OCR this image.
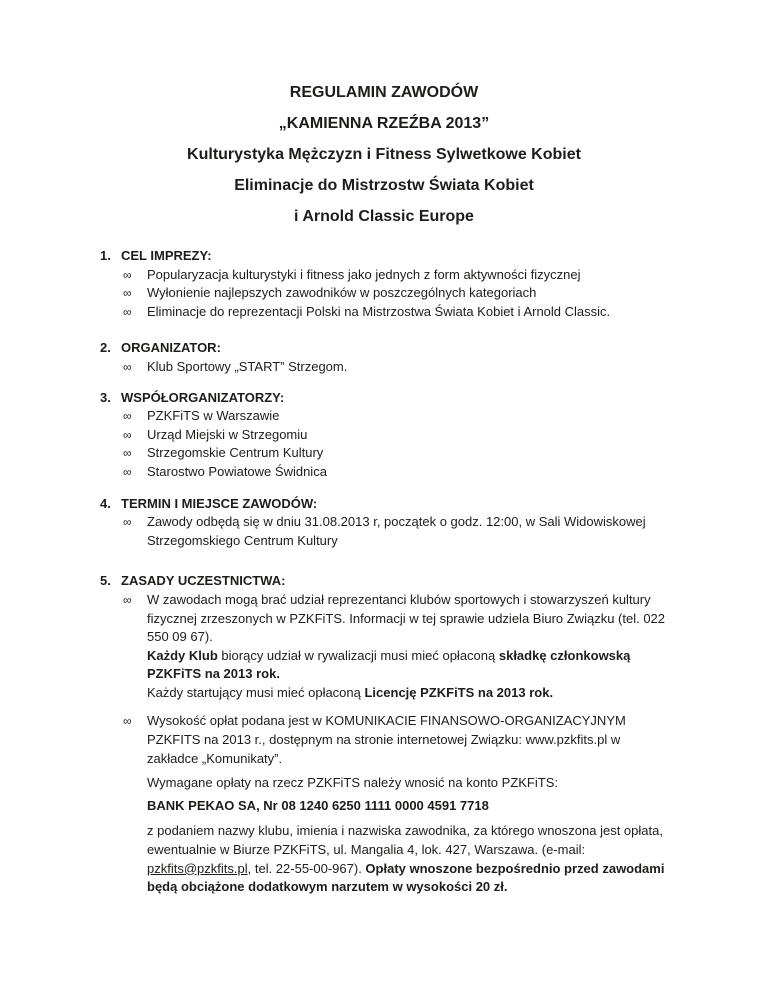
REGULAMIN ZAWODÓW
„KAMIENNA RZEŹBA 2013”
Kulturystyka Mężczyzn i Fitness Sylwetkowe Kobiet
Eliminacje do Mistrzostw Świata Kobiet
i Arnold Classic Europe
1. CEL IMPREZY:
∞	Popularyzacja kulturystyki i fitness jako jednych z form aktywności fizycznej
∞	Wyłonienie najlepszych zawodników w poszczególnych kategoriach
∞	Eliminacje do reprezentacji Polski na Mistrzostwa Świata Kobiet i Arnold Classic.
2. ORGANIZATOR:
∞	Klub Sportowy „START” Strzegom.
3. WSPÓŁORGANIZATORZY:
∞	PZKFiTS w Warszawie
∞	Urząd Miejski w Strzegomiu
∞	Strzegomskie Centrum Kultury
∞	Starostwo Powiatowe Świdnica
4. TERMIN I MIEJSCE ZAWODÓW:
∞	Zawody odbędą się w dniu 31.08.2013 r, początek o godz. 12:00, w Sali Widowiskowej Strzegomskiego Centrum Kultury
5. ZASADY UCZESTNICTWA:
∞	W zawodach mogą brać udział reprezentanci klubów sportowych i stowarzyszeń kultury fizycznej zrzeszonych w PZKFiTS. Informacji w tej sprawie udziela Biuro Związku (tel. 022 550 09 67).
Każdy Klub biorący udział w rywalizacji musi mieć opłaconą składkę członkowską PZKFiTS na 2013 rok.
Każdy startujący musi mieć opłaconą Licencję PZKFiTS na 2013 rok.
∞	Wysokość opłat podana jest w KOMUNIKACIE FINANSOWO-ORGANIZACYJNYM PZKFITS na 2013 r., dostępnym na stronie internetowej Związku: www.pzkfits.pl w zakładce „Komunikaty”.
Wymagane opłaty na rzecz PZKFiTS należy wnosić na konto PZKFiTS:
BANK PEKAO SA, Nr 08 1240 6250 1111 0000 4591 7718
z podaniem nazwy klubu, imienia i nazwiska zawodnika, za którego wnoszona jest opłata, ewentualnie w Biurze PZKFiTS, ul. Mangalia 4, lok. 427, Warszawa. (e-mail: pzkfits@pzkfits.pl, tel. 22-55-00-967). Opłaty wnoszone bezpośrednio przed zawodami będą obciążone dodatkowym narzutem w wysokości 20 zł.
